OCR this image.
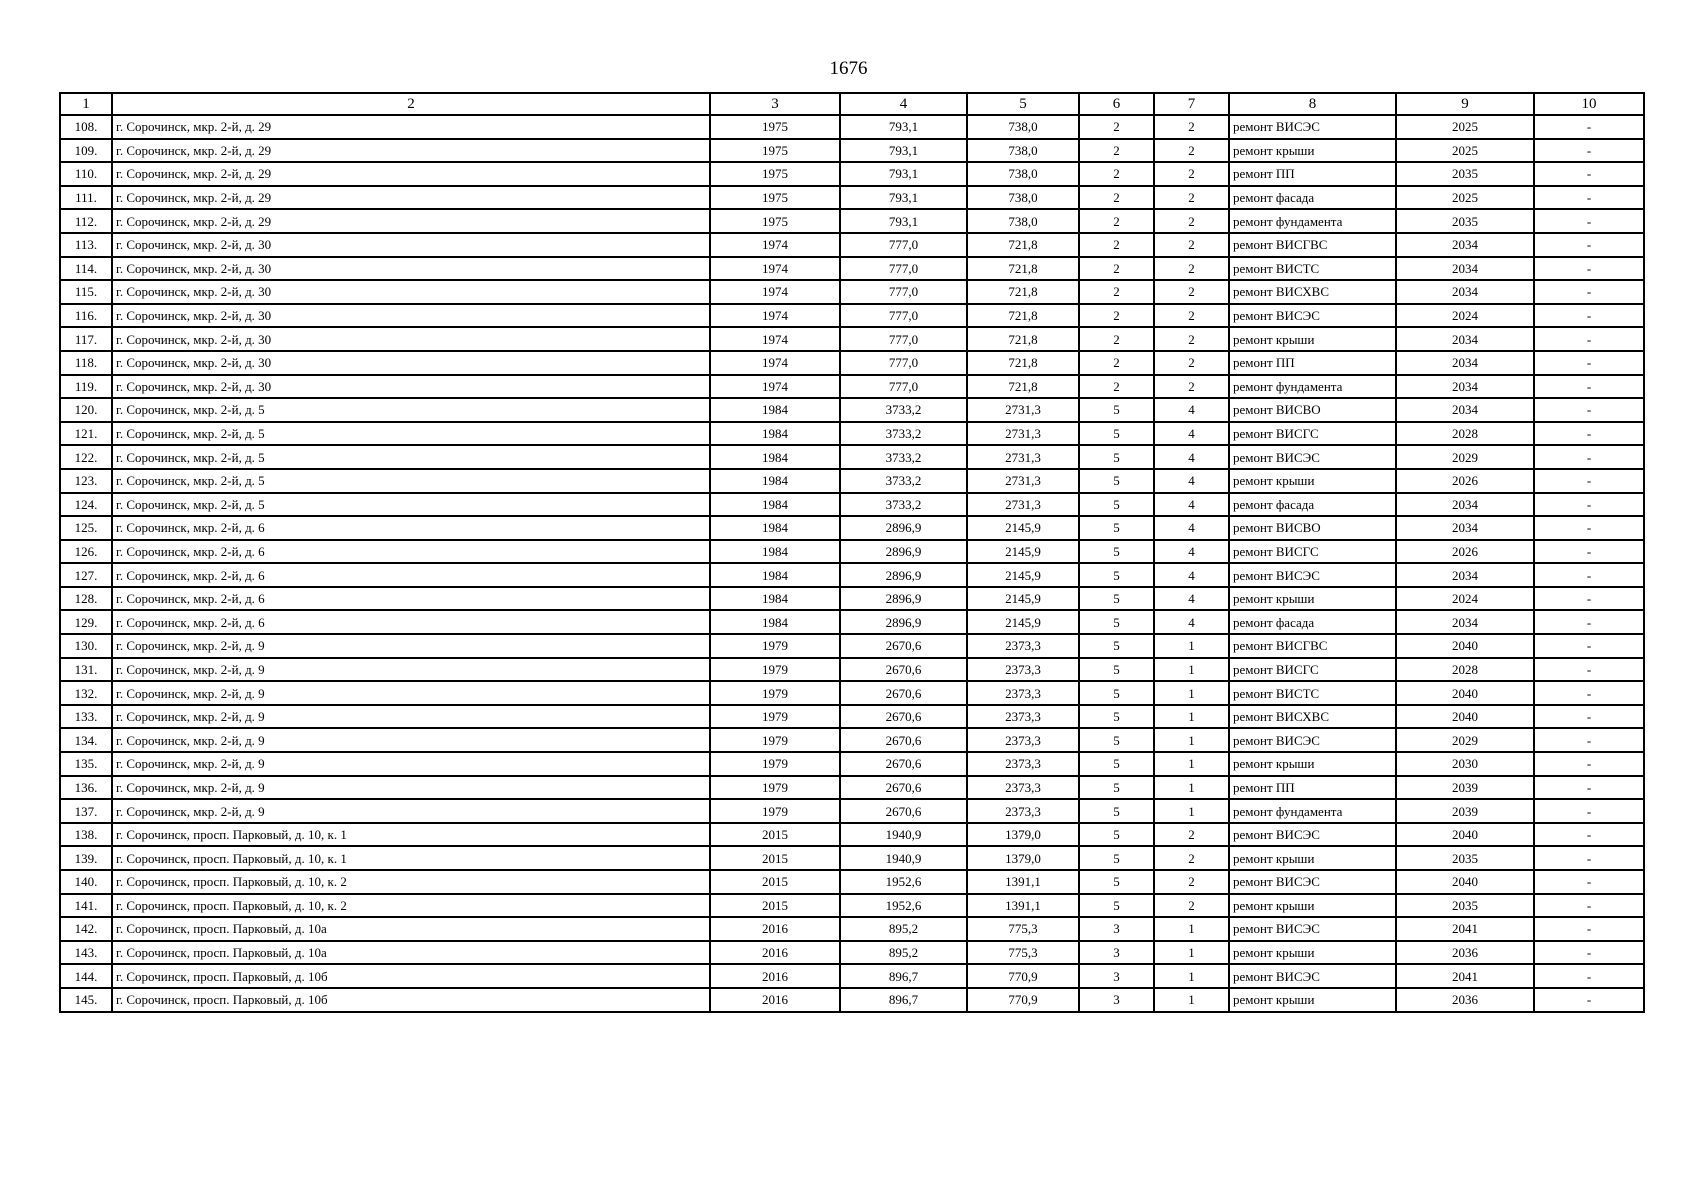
1676
1	2	3	4	5	6	7	8	9	10
108.	г. Сорочинск, мкр. 2-й, д. 29	1975	793,1	738,0	2	2	ремонт ВИСЭС	2025	-
109.	г. Сорочинск, мкр. 2-й, д. 29	1975	793,1	738,0	2	2	ремонт крыши	2025	-
110.	г. Сорочинск, мкр. 2-й, д. 29	1975	793,1	738,0	2	2	ремонт ПП	2035	-
111.	г. Сорочинск, мкр. 2-й, д. 29	1975	793,1	738,0	2	2	ремонт фасада	2025	-
112.	г. Сорочинск, мкр. 2-й, д. 29	1975	793,1	738,0	2	2	ремонт фундамента	2035	-
113.	г. Сорочинск, мкр. 2-й, д. 30	1974	777,0	721,8	2	2	ремонт ВИСГВС	2034	-
114.	г. Сорочинск, мкр. 2-й, д. 30	1974	777,0	721,8	2	2	ремонт ВИСТС	2034	-
115.	г. Сорочинск, мкр. 2-й, д. 30	1974	777,0	721,8	2	2	ремонт ВИСХВС	2034	-
116.	г. Сорочинск, мкр. 2-й, д. 30	1974	777,0	721,8	2	2	ремонт ВИСЭС	2024	-
117.	г. Сорочинск, мкр. 2-й, д. 30	1974	777,0	721,8	2	2	ремонт крыши	2034	-
118.	г. Сорочинск, мкр. 2-й, д. 30	1974	777,0	721,8	2	2	ремонт ПП	2034	-
119.	г. Сорочинск, мкр. 2-й, д. 30	1974	777,0	721,8	2	2	ремонт фундамента	2034	-
120.	г. Сорочинск, мкр. 2-й, д. 5	1984	3733,2	2731,3	5	4	ремонт ВИСВО	2034	-
121.	г. Сорочинск, мкр. 2-й, д. 5	1984	3733,2	2731,3	5	4	ремонт ВИСГС	2028	-
122.	г. Сорочинск, мкр. 2-й, д. 5	1984	3733,2	2731,3	5	4	ремонт ВИСЭС	2029	-
123.	г. Сорочинск, мкр. 2-й, д. 5	1984	3733,2	2731,3	5	4	ремонт крыши	2026	-
124.	г. Сорочинск, мкр. 2-й, д. 5	1984	3733,2	2731,3	5	4	ремонт фасада	2034	-
125.	г. Сорочинск, мкр. 2-й, д. 6	1984	2896,9	2145,9	5	4	ремонт ВИСВО	2034	-
126.	г. Сорочинск, мкр. 2-й, д. 6	1984	2896,9	2145,9	5	4	ремонт ВИСГС	2026	-
127.	г. Сорочинск, мкр. 2-й, д. 6	1984	2896,9	2145,9	5	4	ремонт ВИСЭС	2034	-
128.	г. Сорочинск, мкр. 2-й, д. 6	1984	2896,9	2145,9	5	4	ремонт крыши	2024	-
129.	г. Сорочинск, мкр. 2-й, д. 6	1984	2896,9	2145,9	5	4	ремонт фасада	2034	-
130.	г. Сорочинск, мкр. 2-й, д. 9	1979	2670,6	2373,3	5	1	ремонт ВИСГВС	2040	-
131.	г. Сорочинск, мкр. 2-й, д. 9	1979	2670,6	2373,3	5	1	ремонт ВИСГС	2028	-
132.	г. Сорочинск, мкр. 2-й, д. 9	1979	2670,6	2373,3	5	1	ремонт ВИСТС	2040	-
133.	г. Сорочинск, мкр. 2-й, д. 9	1979	2670,6	2373,3	5	1	ремонт ВИСХВС	2040	-
134.	г. Сорочинск, мкр. 2-й, д. 9	1979	2670,6	2373,3	5	1	ремонт ВИСЭС	2029	-
135.	г. Сорочинск, мкр. 2-й, д. 9	1979	2670,6	2373,3	5	1	ремонт крыши	2030	-
136.	г. Сорочинск, мкр. 2-й, д. 9	1979	2670,6	2373,3	5	1	ремонт ПП	2039	-
137.	г. Сорочинск, мкр. 2-й, д. 9	1979	2670,6	2373,3	5	1	ремонт фундамента	2039	-
138.	г. Сорочинск, просп. Парковый, д. 10, к. 1	2015	1940,9	1379,0	5	2	ремонт ВИСЭС	2040	-
139.	г. Сорочинск, просп. Парковый, д. 10, к. 1	2015	1940,9	1379,0	5	2	ремонт крыши	2035	-
140.	г. Сорочинск, просп. Парковый, д. 10, к. 2	2015	1952,6	1391,1	5	2	ремонт ВИСЭС	2040	-
141.	г. Сорочинск, просп. Парковый, д. 10, к. 2	2015	1952,6	1391,1	5	2	ремонт крыши	2035	-
142.	г. Сорочинск, просп. Парковый, д. 10а	2016	895,2	775,3	3	1	ремонт ВИСЭС	2041	-
143.	г. Сорочинск, просп. Парковый, д. 10а	2016	895,2	775,3	3	1	ремонт крыши	2036	-
144.	г. Сорочинск, просп. Парковый, д. 10б	2016	896,7	770,9	3	1	ремонт ВИСЭС	2041	-
145.	г. Сорочинск, просп. Парковый, д. 10б	2016	896,7	770,9	3	1	ремонт крыши	2036	-
